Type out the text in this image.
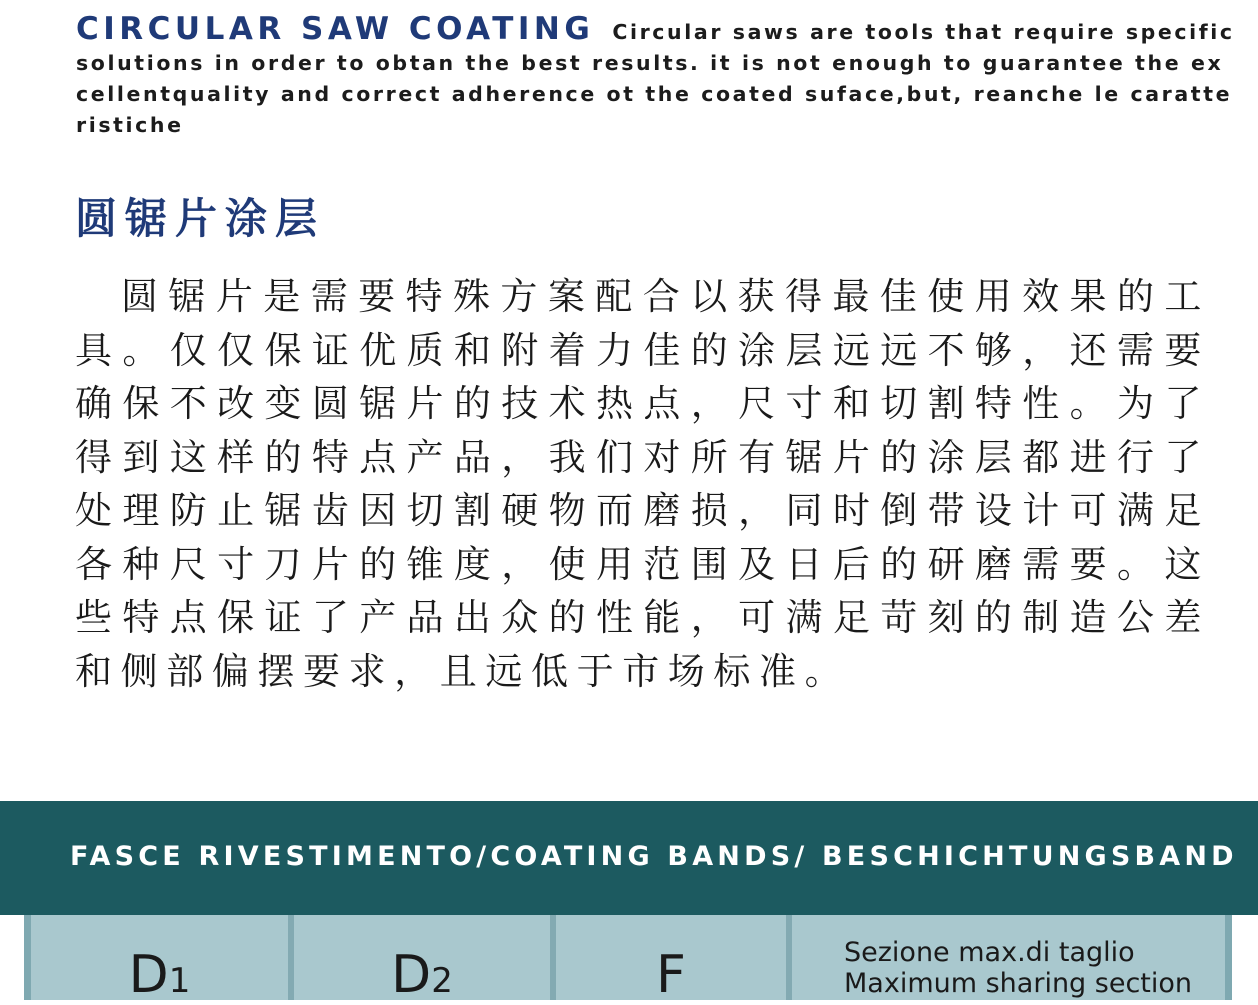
CIRCULAR SAW COATING Circular saws are tools that require specific solutions in order to obtan the best results. it is not enough to guarantee the excellentquality and correct adherence ot the coated suface,but, reanche le caratteristiche
圆锯片涂层

圆锯片是需要特殊方案配合以获得最佳使用效果的工具。仅仅保证优质和附着力佳的涂层远远不够，还需要确保不改变圆锯片的技术热点，尺寸和切割特性。为了得到这样的特点产品，我们对所有锯片的涂层都进行了处理防止锯齿因切割硬物而磨损，同时倒带设计可满足各种尺寸刀片的锥度，使用范围及日后的研磨需要。这些特点保证了产品出众的性能，可满足苛刻的制造公差和侧部偏摆要求，且远低于市场标准。

FASCE RIVESTIMENTO/COATING BANDS/ BESCHICHTUNGSBAND
D1	D2	F	Sezione max.di taglio
Maximum sharing section
